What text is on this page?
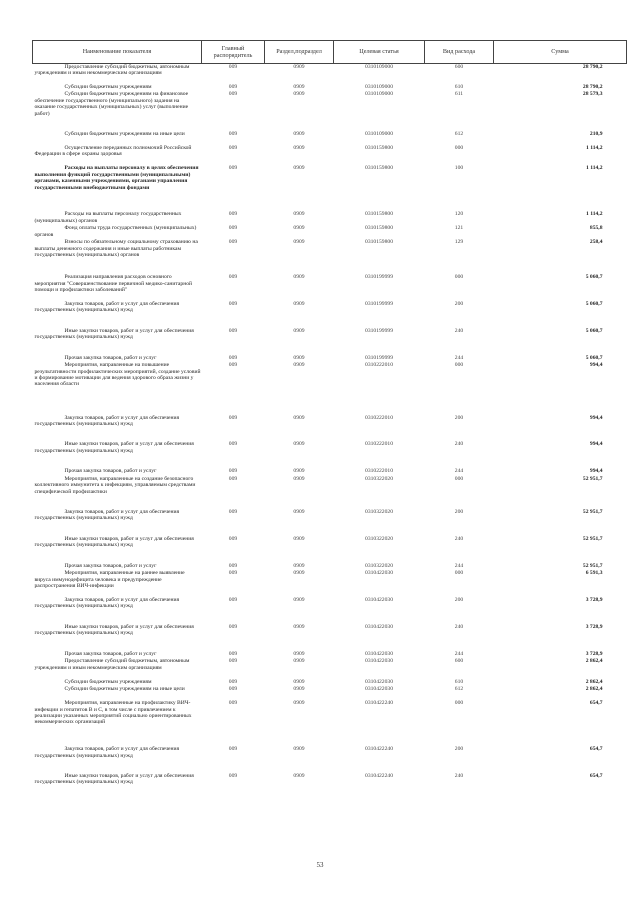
Наименование показателя	Главный распорядитель	Раздел,подраздел	Целевая статья	Вид расхода	Сумма
Предоставление субсидий бюджетным, автономным учреждениям и иным некоммерческим организациям	009	0909	0310109000	600	28 790,2
Субсидии бюджетным учреждениям	009	0909	0310109000	610	28 790,2
Субсидии бюджетным учреждениям на финансовое обеспечение государственного (муниципального) задания на оказание государственных (муниципальных) услуг (выполнение работ)	009	0909	0310109000	611	28 579,3
Субсидии бюджетным учреждениям на иные цели	009	0909	0310109000	612	210,9
Осуществление переданных полномочий Российской Федерации в сфере охраны здоровья	009	0909	0310159800	000	1 114,2
Расходы на выплаты персоналу в целях обеспечения выполнения функций государственными (муниципальными) органами, казенными учреждениями, органами управления государственными внебюджетными фондами	009	0909	0310159800	100	1 114,2
Расходы на выплаты персоналу государственных (муниципальных) органов	009	0909	0310159800	120	1 114,2
Фонд оплаты труда государственных (муниципальных) органов	009	0909	0310159800	121	855,8
Взносы по обязательному социальному страхованию на выплаты денежного содержания и иные выплаты работникам государственных (муниципальных) органов	009	0909	0310159800	129	258,4

Реализация направления расходов основного мероприятия "Совершенствование первичной медико-санитарной помощи и профилактики заболеваний"	009	0909	0310199999	000	5 060,7
Закупка товаров, работ и услуг для обеспечения государственных (муниципальных) нужд	009	0909	0310199999	200	5 060,7
Иные закупки товаров, работ и услуг для обеспечения государственных (муниципальных) нужд	009	0909	0310199999	240	5 060,7
Прочая закупка товаров, работ и услуг	009	0909	0310199999	244	5 060,7
Мероприятия, направленные на повышение результативности профилактических мероприятий, создание условий и формирование мотивации для ведения здорового образа жизни у населения области	009	0909	0310222010	000	994,4
Закупка товаров, работ и услуг для обеспечения государственных (муниципальных) нужд	009	0909	0310222010	200	994,4
Иные закупки товаров, работ и услуг для обеспечения государственных (муниципальных) нужд	009	0909	0310222010	240	994,4
Прочая закупка товаров, работ и услуг	009	0909	0310222010	244	994,4
Мероприятия, направленные на создание безопасного коллективного иммунитета к инфекциям, управляемым средствами специфической профилактики	009	0909	0310322020	000	52 951,7
Закупка товаров, работ и услуг для обеспечения государственных (муниципальных) нужд	009	0909	0310322020	200	52 951,7
Иные закупки товаров, работ и услуг для обеспечения государственных (муниципальных) нужд	009	0909	0310322020	240	52 951,7
Прочая закупка товаров, работ и услуг	009	0909	0310322020	244	52 951,7
Мероприятия, направленные на раннее выявление вируса иммунодефицита человека и предупреждение распространения ВИЧ-инфекции	009	0909	0310422030	000	6 591,3
Закупка товаров, работ и услуг для обеспечения государственных (муниципальных) нужд	009	0909	0310422030	200	3 728,9
Иные закупки товаров, работ и услуг для обеспечения государственных (муниципальных) нужд	009	0909	0310422030	240	3 728,9
Прочая закупка товаров, работ и услуг	009	0909	0310422030	244	3 728,9
Предоставление субсидий бюджетным, автономным учреждениям и иным некоммерческим организациям	009	0909	0310422030	600	2 862,4
Субсидии бюджетным учреждениям	009	0909	0310422030	610	2 862,4
Субсидии бюджетным учреждениям на иные цели	009	0909	0310422030	612	2 862,4
Мероприятия, направленные на профилактику ВИЧ-инфекции и гепатитов В и С, в том числе с привлечением к реализации указанных мероприятий социально ориентированных некоммерческих организаций	009	0909	0310422240	000	654,7
Закупка товаров, работ и услуг для обеспечения государственных (муниципальных) нужд	009	0909	0310422240	200	654,7
Иные закупки товаров, работ и услуг для обеспечения государственных (муниципальных) нужд	009	0909	0310422240	240	654,7
53
